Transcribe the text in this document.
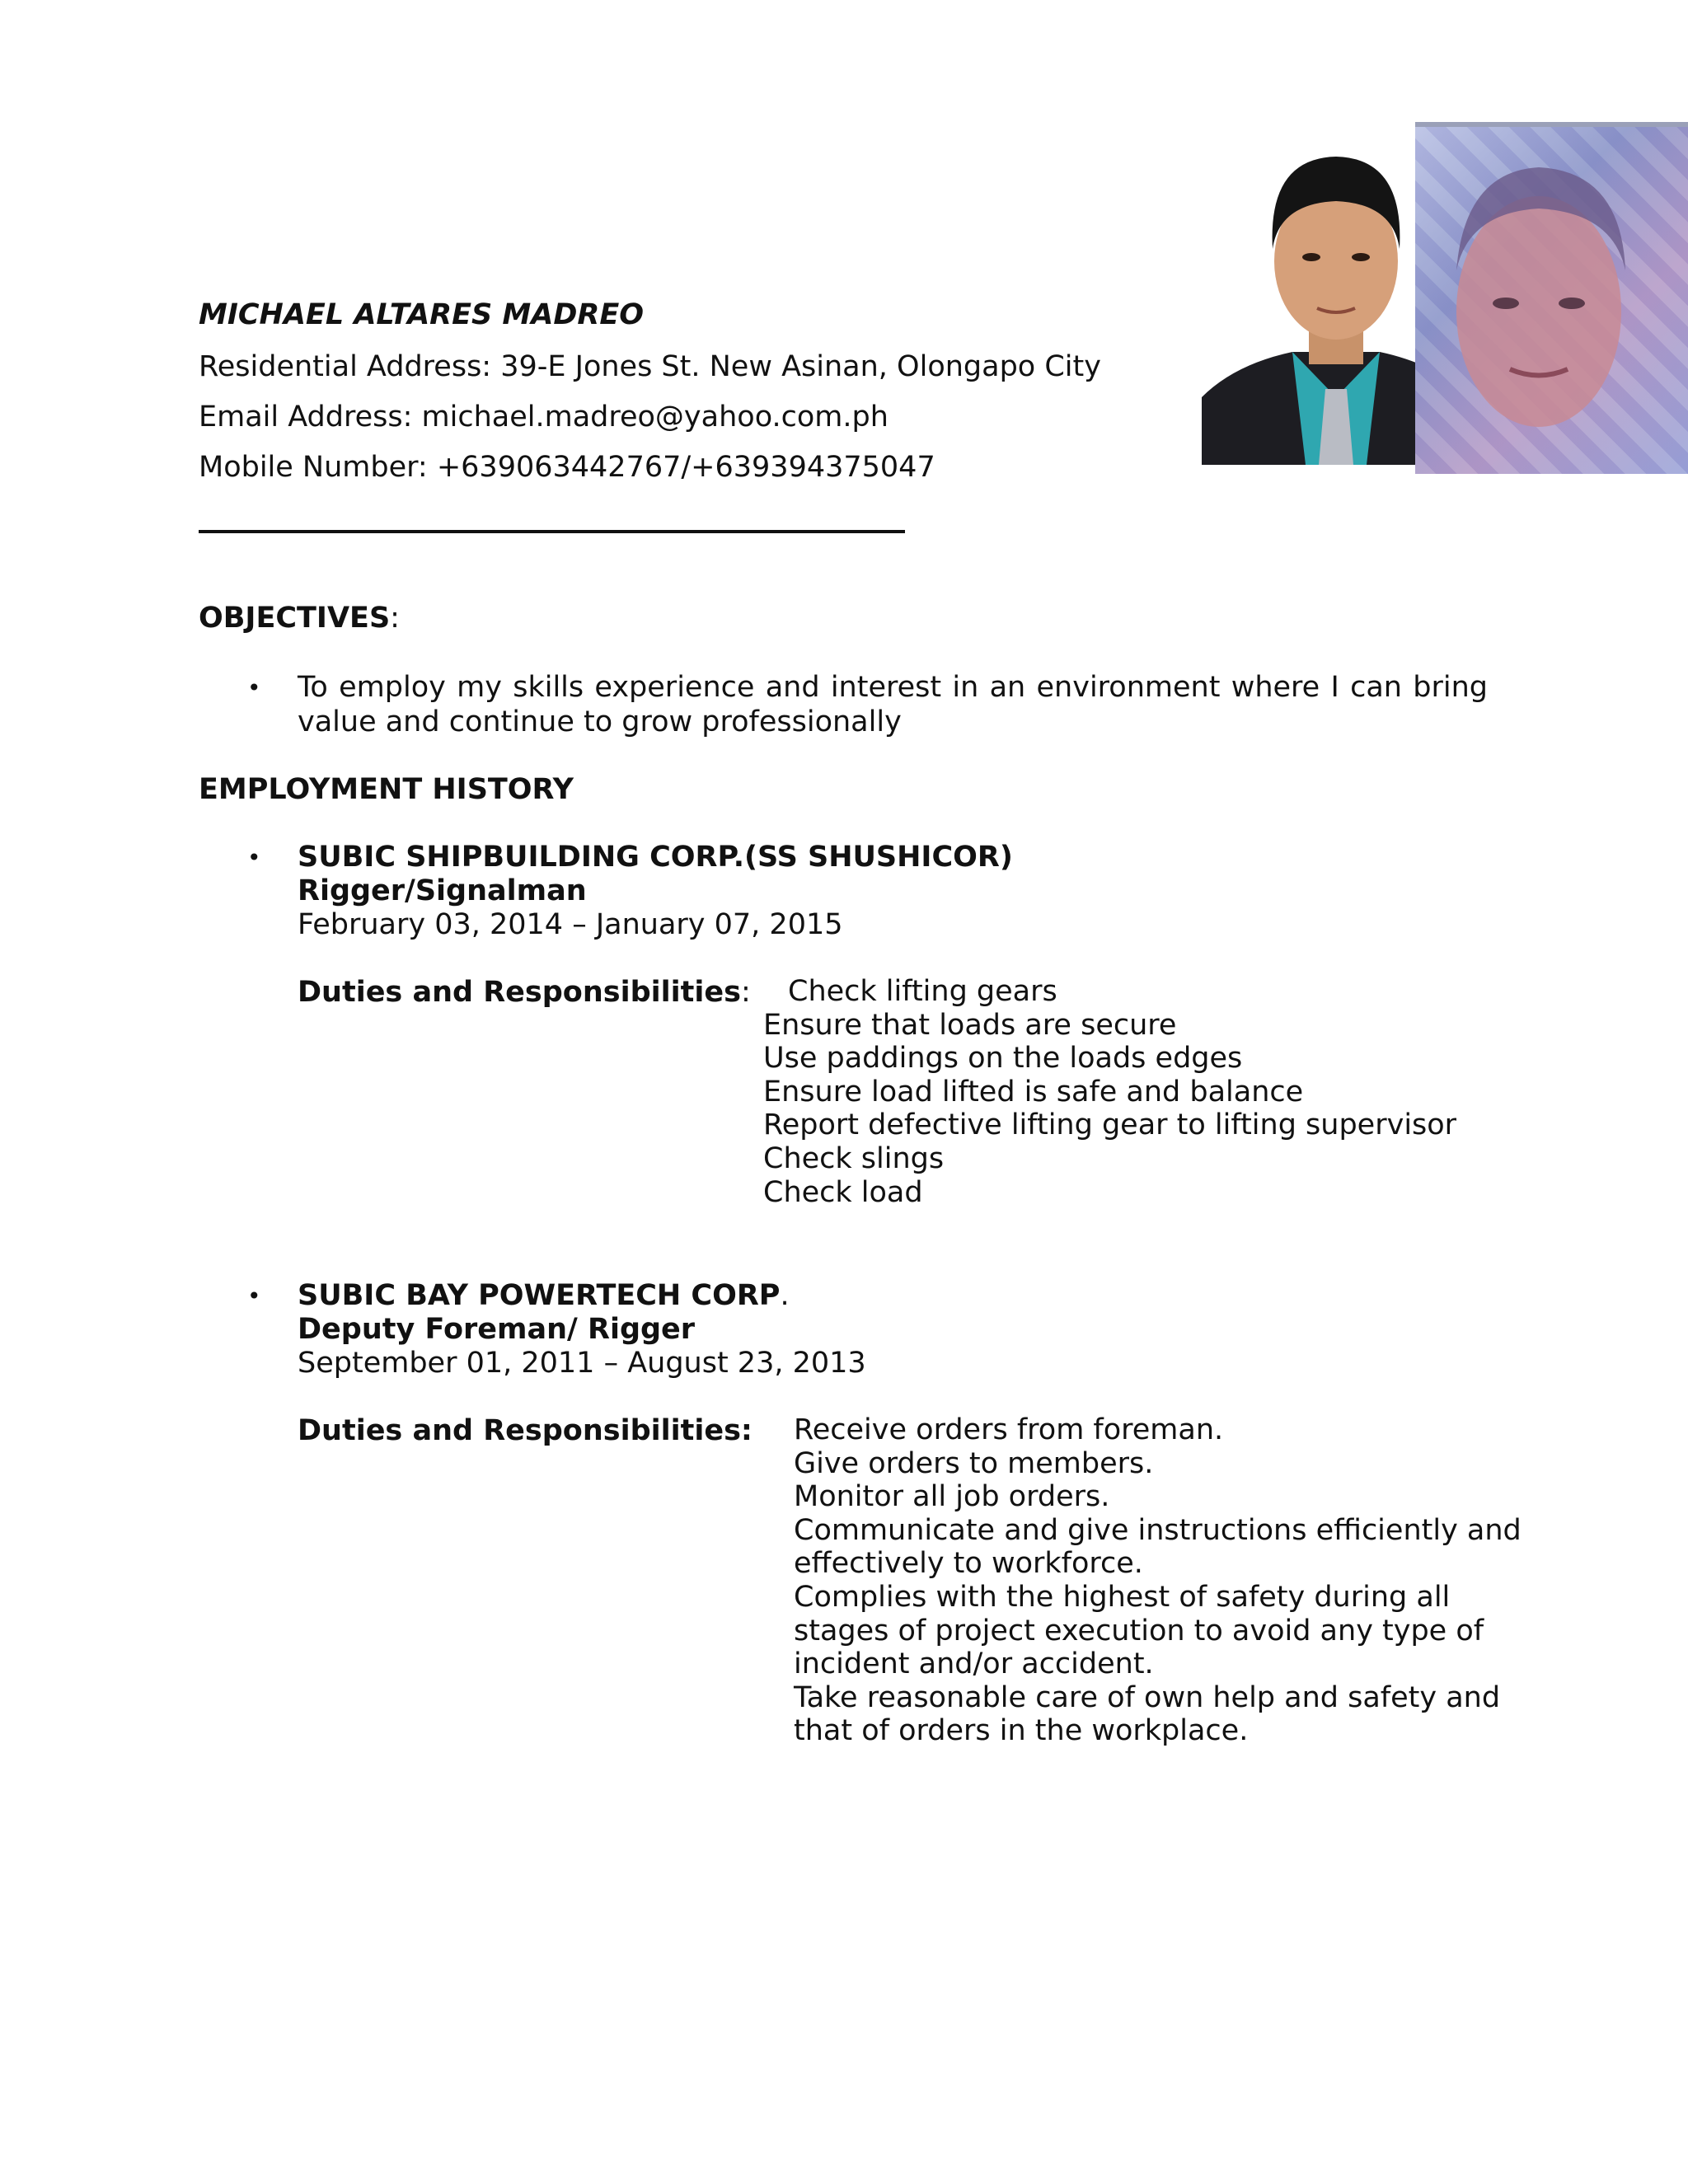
MICHAEL ALTARES MADREO
Residential Address: 39-E Jones St. New Asinan, Olongapo City
Email Address: michael.madreo@yahoo.com.ph
Mobile Number: +639063442767/+639394375047
OBJECTIVES:
• To employ my skills experience and interest in an environment where I can bring
value and continue to grow professionally
EMPLOYMENT HISTORY
• SUBIC SHIPBUILDING CORP.(SS SHUSHICOR)
Rigger/Signalman
February 03, 2014 – January 07, 2015
Duties and Responsibilities:	Check lifting gears
Ensure that loads are secure
Use paddings on the loads edges
Ensure load lifted is safe and balance
Report defective lifting gear to lifting supervisor
Check slings
Check load
• SUBIC BAY POWERTECH CORP.
Deputy Foreman/ Rigger
September 01, 2011 – August 23, 2013
Duties and Responsibilities: Receive orders from foreman.
Give orders to members.
Monitor all job orders.
Communicate and give instructions efficiently and
effectively to workforce.
Complies with the highest of safety during all
stages of project execution to avoid any type of
incident and/or accident.
Take reasonable care of own help and safety and
that of orders in the workplace.
